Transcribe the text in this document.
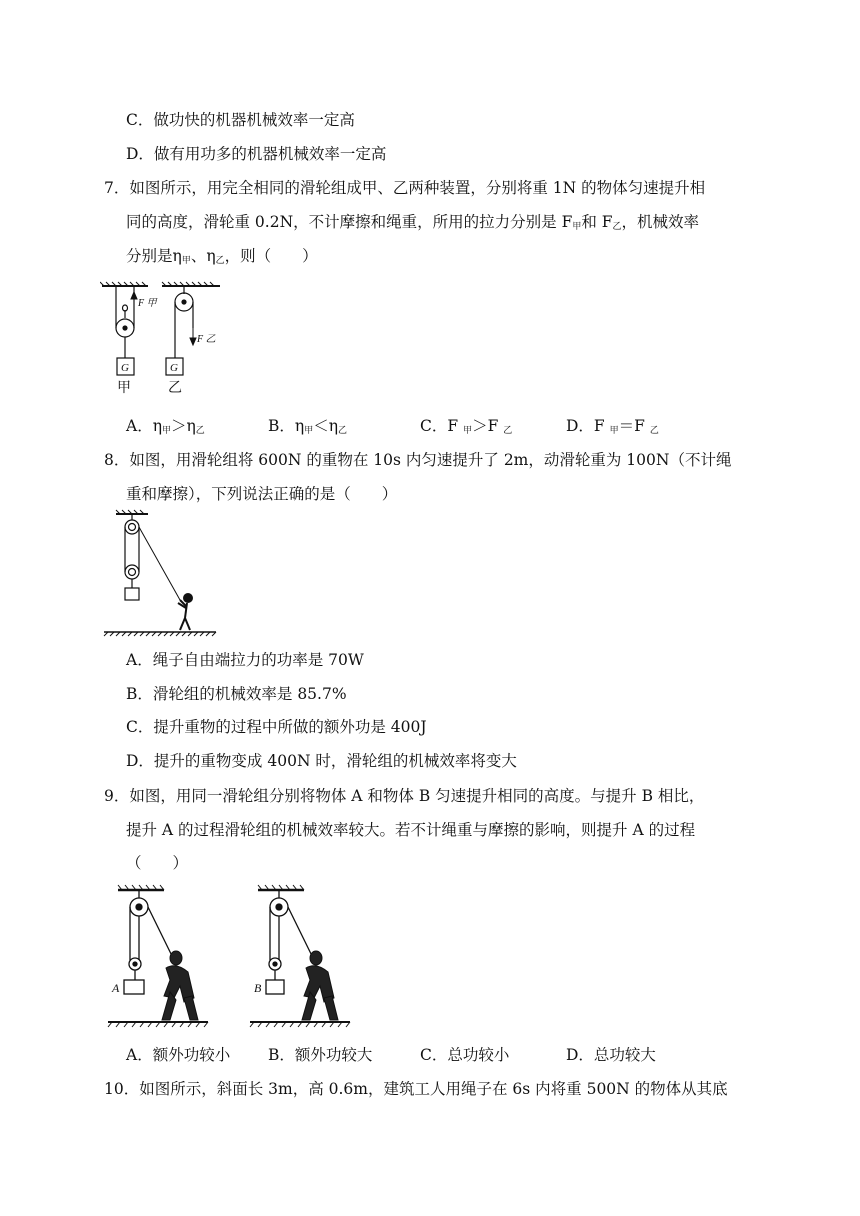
C．做功快的机器机械效率一定高
D．做有用功多的机器机械效率一定高
7．如图所示，用完全相同的滑轮组成甲、乙两种装置，分别将重 1N 的物体匀速提升相
同的高度，滑轮重 0.2N，不计摩擦和绳重，所用的拉力分别是 $F_甲$和 $F_乙$，机械效率
分别是$\eta_甲$、$\eta_乙$，则（　　）
F 甲
G
甲
F 乙
G
乙
A．$\eta_甲>\eta_乙$	B．$\eta_甲<\eta_乙$	C．F $_甲$＞F $_乙$	D．F $_甲$＝F $_乙$
8．如图，用滑轮组将 600N 的重物在 10s 内匀速提升了 2m，动滑轮重为 100N（不计绳
重和摩擦），下列说法正确的是（　　）
A．绳子自由端拉力的功率是 70W
B．滑轮组的机械效率是 85.7%
C．提升重物的过程中所做的额外功是 400J
D．提升的重物变成 400N 时，滑轮组的机械效率将变大
9．如图，用同一滑轮组分别将物体 A 和物体 B 匀速提升相同的高度。与提升 B 相比，
提升 A 的过程滑轮组的机械效率较大。若不计绳重与摩擦的影响，则提升 A 的过程
（　　）
A	B
A．额外功较小 B．额外功较大	C．总功较小	D．总功较大
10．如图所示，斜面长 3m，高 0.6m，建筑工人用绳子在 6s 内将重 500N 的物体从其底
